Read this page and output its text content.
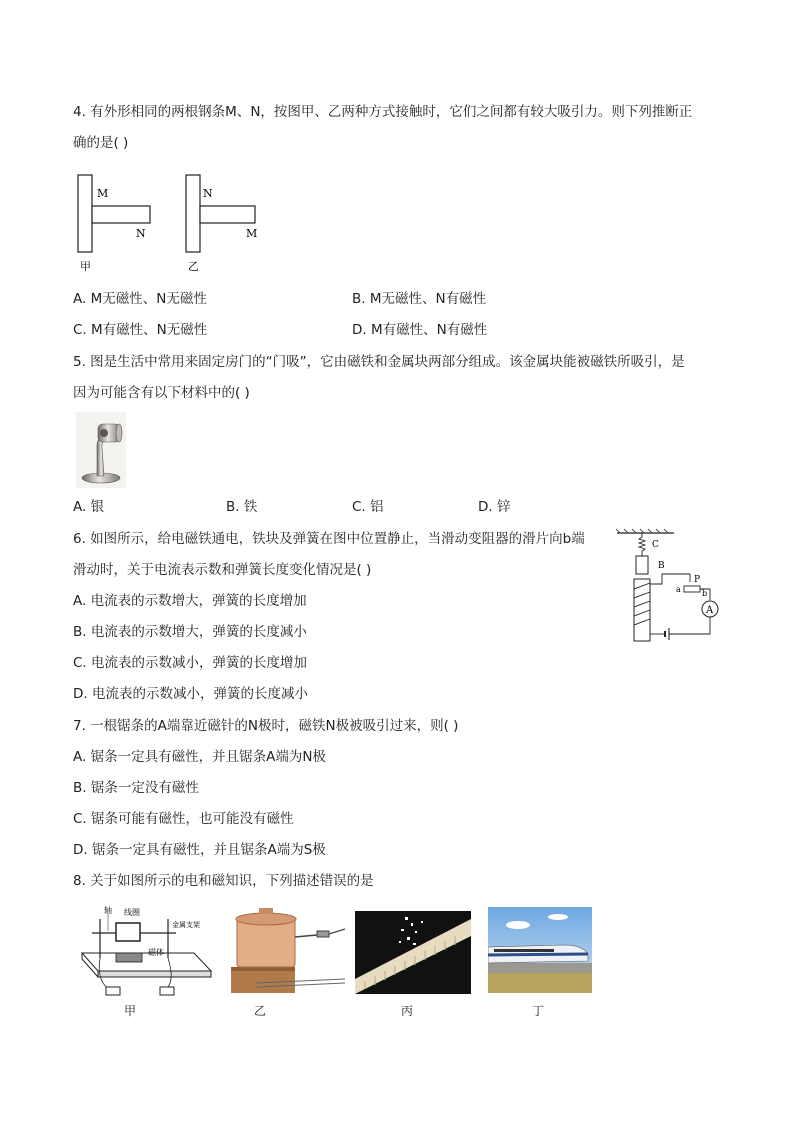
4. 有外形相同的两根钢条M、N，按图甲、乙两种方式接触时，它们之间都有较大吸引力。则下列推断正
确的是( )
M
N
甲
N
M
乙
A. M无磁性、N无磁性	B. M无磁性、N有磁性
C. M有磁性、N无磁性	D. M有磁性、N有磁性
5. 图是生活中常用来固定房门的“门吸”，它由磁铁和金属块两部分组成。该金属块能被磁铁所吸引，是
因为可能含有以下材料中的( )
A. 银	B. 铁	C. 铝	D. 锌
6. 如图所示，给电磁铁通电，铁块及弹簧在图中位置静止，当滑动变阻器的滑片向b端
滑动时，关于电流表示数和弹簧长度变化情况是( )
C
B
P
a	b
A
A. 电流表的示数增大，弹簧的长度增加
B. 电流表的示数增大，弹簧的长度减小
C. 电流表的示数减小，弹簧的长度增加
D. 电流表的示数减小，弹簧的长度减小
7. 一根锯条的A端靠近磁针的N极时，磁铁N极被吸引过来，则( )
A. 锯条一定具有磁性，并且锯条A端为N极
B. 锯条一定没有磁性
C. 锯条可能有磁性，也可能没有磁性
D. 锯条一定具有磁性，并且锯条A端为S极
8. 关于如图所示的电和磁知识，下列描述错误的是
轴 线圈
金属支架
磁体
甲	乙	丙	丁
